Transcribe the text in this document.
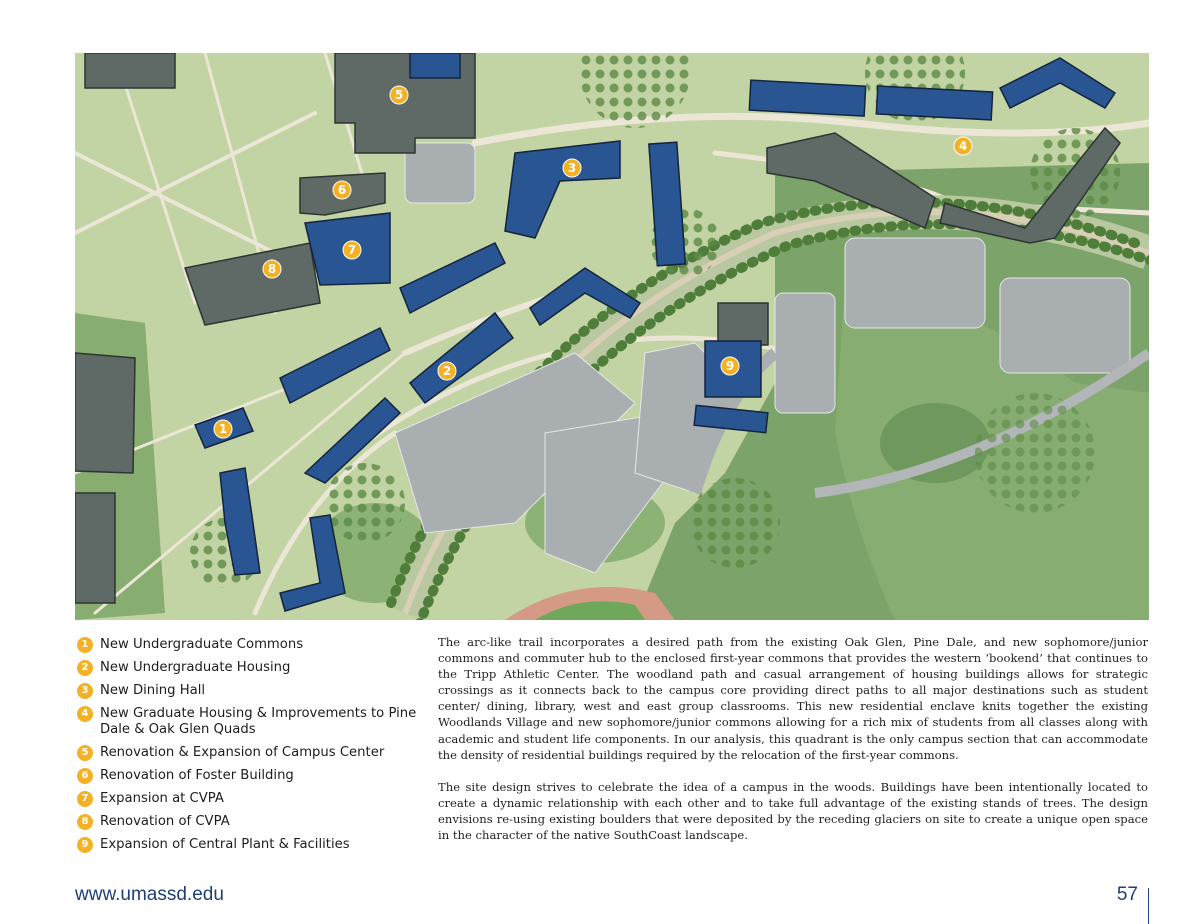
5
3
4
6
7
8
2	9
1
1 New Undergraduate Commons
2 New Undergraduate Housing
3 New Dining Hall
4 New Graduate Housing & Improvements to Pine Dale & Oak Glen Quads
5 Renovation & Expansion of Campus Center
6 Renovation of Foster Building
7 Expansion at CVPA
8 Renovation of CVPA
9 Expansion of Central Plant & Facilities

The arc-like trail incorporates a desired path from the existing Oak Glen, Pine Dale, and new sophomore/junior commons and commuter hub to the enclosed first-year commons that provides the western ‘bookend’ that continues to the Tripp Athletic Center. The woodland path and casual arrangement of housing buildings allows for strategic crossings as it connects back to the campus core providing direct paths to all major destinations such as student center/ dining, library, west and east group classrooms. This new residential enclave knits together the existing Woodlands Village and new sophomore/junior commons allowing for a rich mix of students from all classes along with academic and student life components. In our analysis, this quadrant is the only campus section that can accommodate the density of residential buildings required by the relocation of the first-year commons.

The site design strives to celebrate the idea of a campus in the woods. Buildings have been intentionally located to create a dynamic relationship with each other and to take full advantage of the existing stands of trees. The design envisions re-using existing boulders that were deposited by the receding glaciers on site to create a unique open space in the character of the native SouthCoast landscape.

www.umassd.edu	57
